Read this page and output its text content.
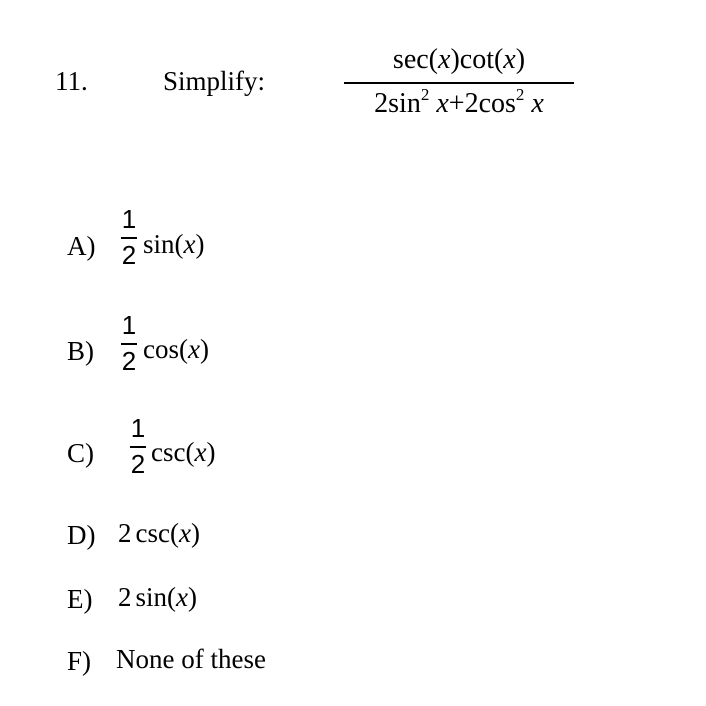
11.	Simplify:
sec(x)cot(x)
$2\sin^2$ $x+2\cos^2$ x
A)
1
2 sin(x)
B)
1
2 cos(x)
C)
1
2 csc(x)
D) 2 csc(x)
E) 2 sin(x)
F) None of these
